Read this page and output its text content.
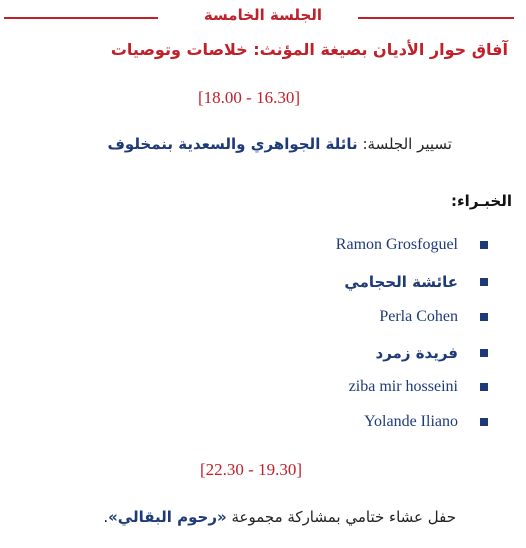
الجلسة الخامسة
آفاق حوار الأديان بصيغة المؤنث: خلاصات وتوصيات
[18.00 - 16.30]
تسيير الجلسة: نائلة الجواهري والسعدية بنمخلوف
الخبـراء:
Ramon Grosfoguel
عائشة الحجامي
Perla Cohen
فريدة زمرد
ziba mir hosseini
Yolande Iliano
[22.30 - 19.30]
حفل عشاء ختامي بمشاركة مجموعة «رحوم البقالي».
